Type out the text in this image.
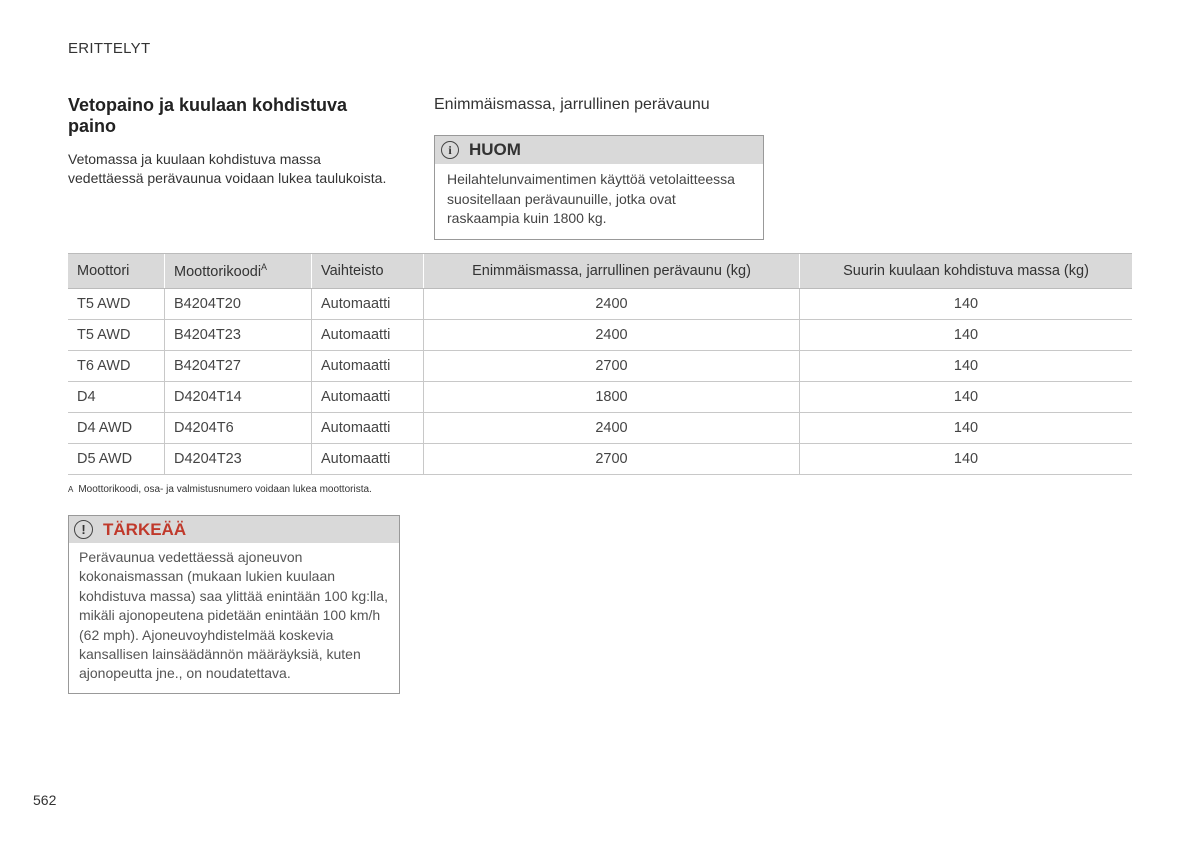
ERITTELYT
Vetopaino ja kuulaan kohdistuva paino
Vetomassa ja kuulaan kohdistuva massa vedettäessä perävaunua voidaan lukea taulukoista.
Enimmäismassa, jarrullinen perävaunu
i	HUOM
Heilahtelunvaimentimen käyttöä vetolaitteessa suositellaan perävaunuille, jotka ovat raskaampia kuin 1800 kg.
Moottori	Moottorikoodi$^A$	Vaihteisto	Enimmäismassa, jarrullinen perävaunu (kg)	Suurin kuulaan kohdistuva massa (kg)
T5 AWD	B4204T20	Automaatti	2400	140
T5 AWD	B4204T23	Automaatti	2400	140
T6 AWD	B4204T27	Automaatti	2700	140
D4	D4204T14	Automaatti	1800	140
D4 AWD	D4204T6	Automaatti	2400	140
D5 AWD	D4204T23	Automaatti	2700	140
A Moottorikoodi, osa- ja valmistusnumero voidaan lukea moottorista.
!	TÄRKEÄÄ
Perävaunua vedettäessä ajoneuvon kokonaismassan (mukaan lukien kuulaan kohdistuva massa) saa ylittää enintään 100 kg:lla, mikäli ajonopeutena pidetään enintään 100 km/h (62 mph). Ajoneuvoyhdistelmää koskevia kansallisen lainsäädännön määräyksiä, kuten ajonopeutta jne., on noudatettava.
562
